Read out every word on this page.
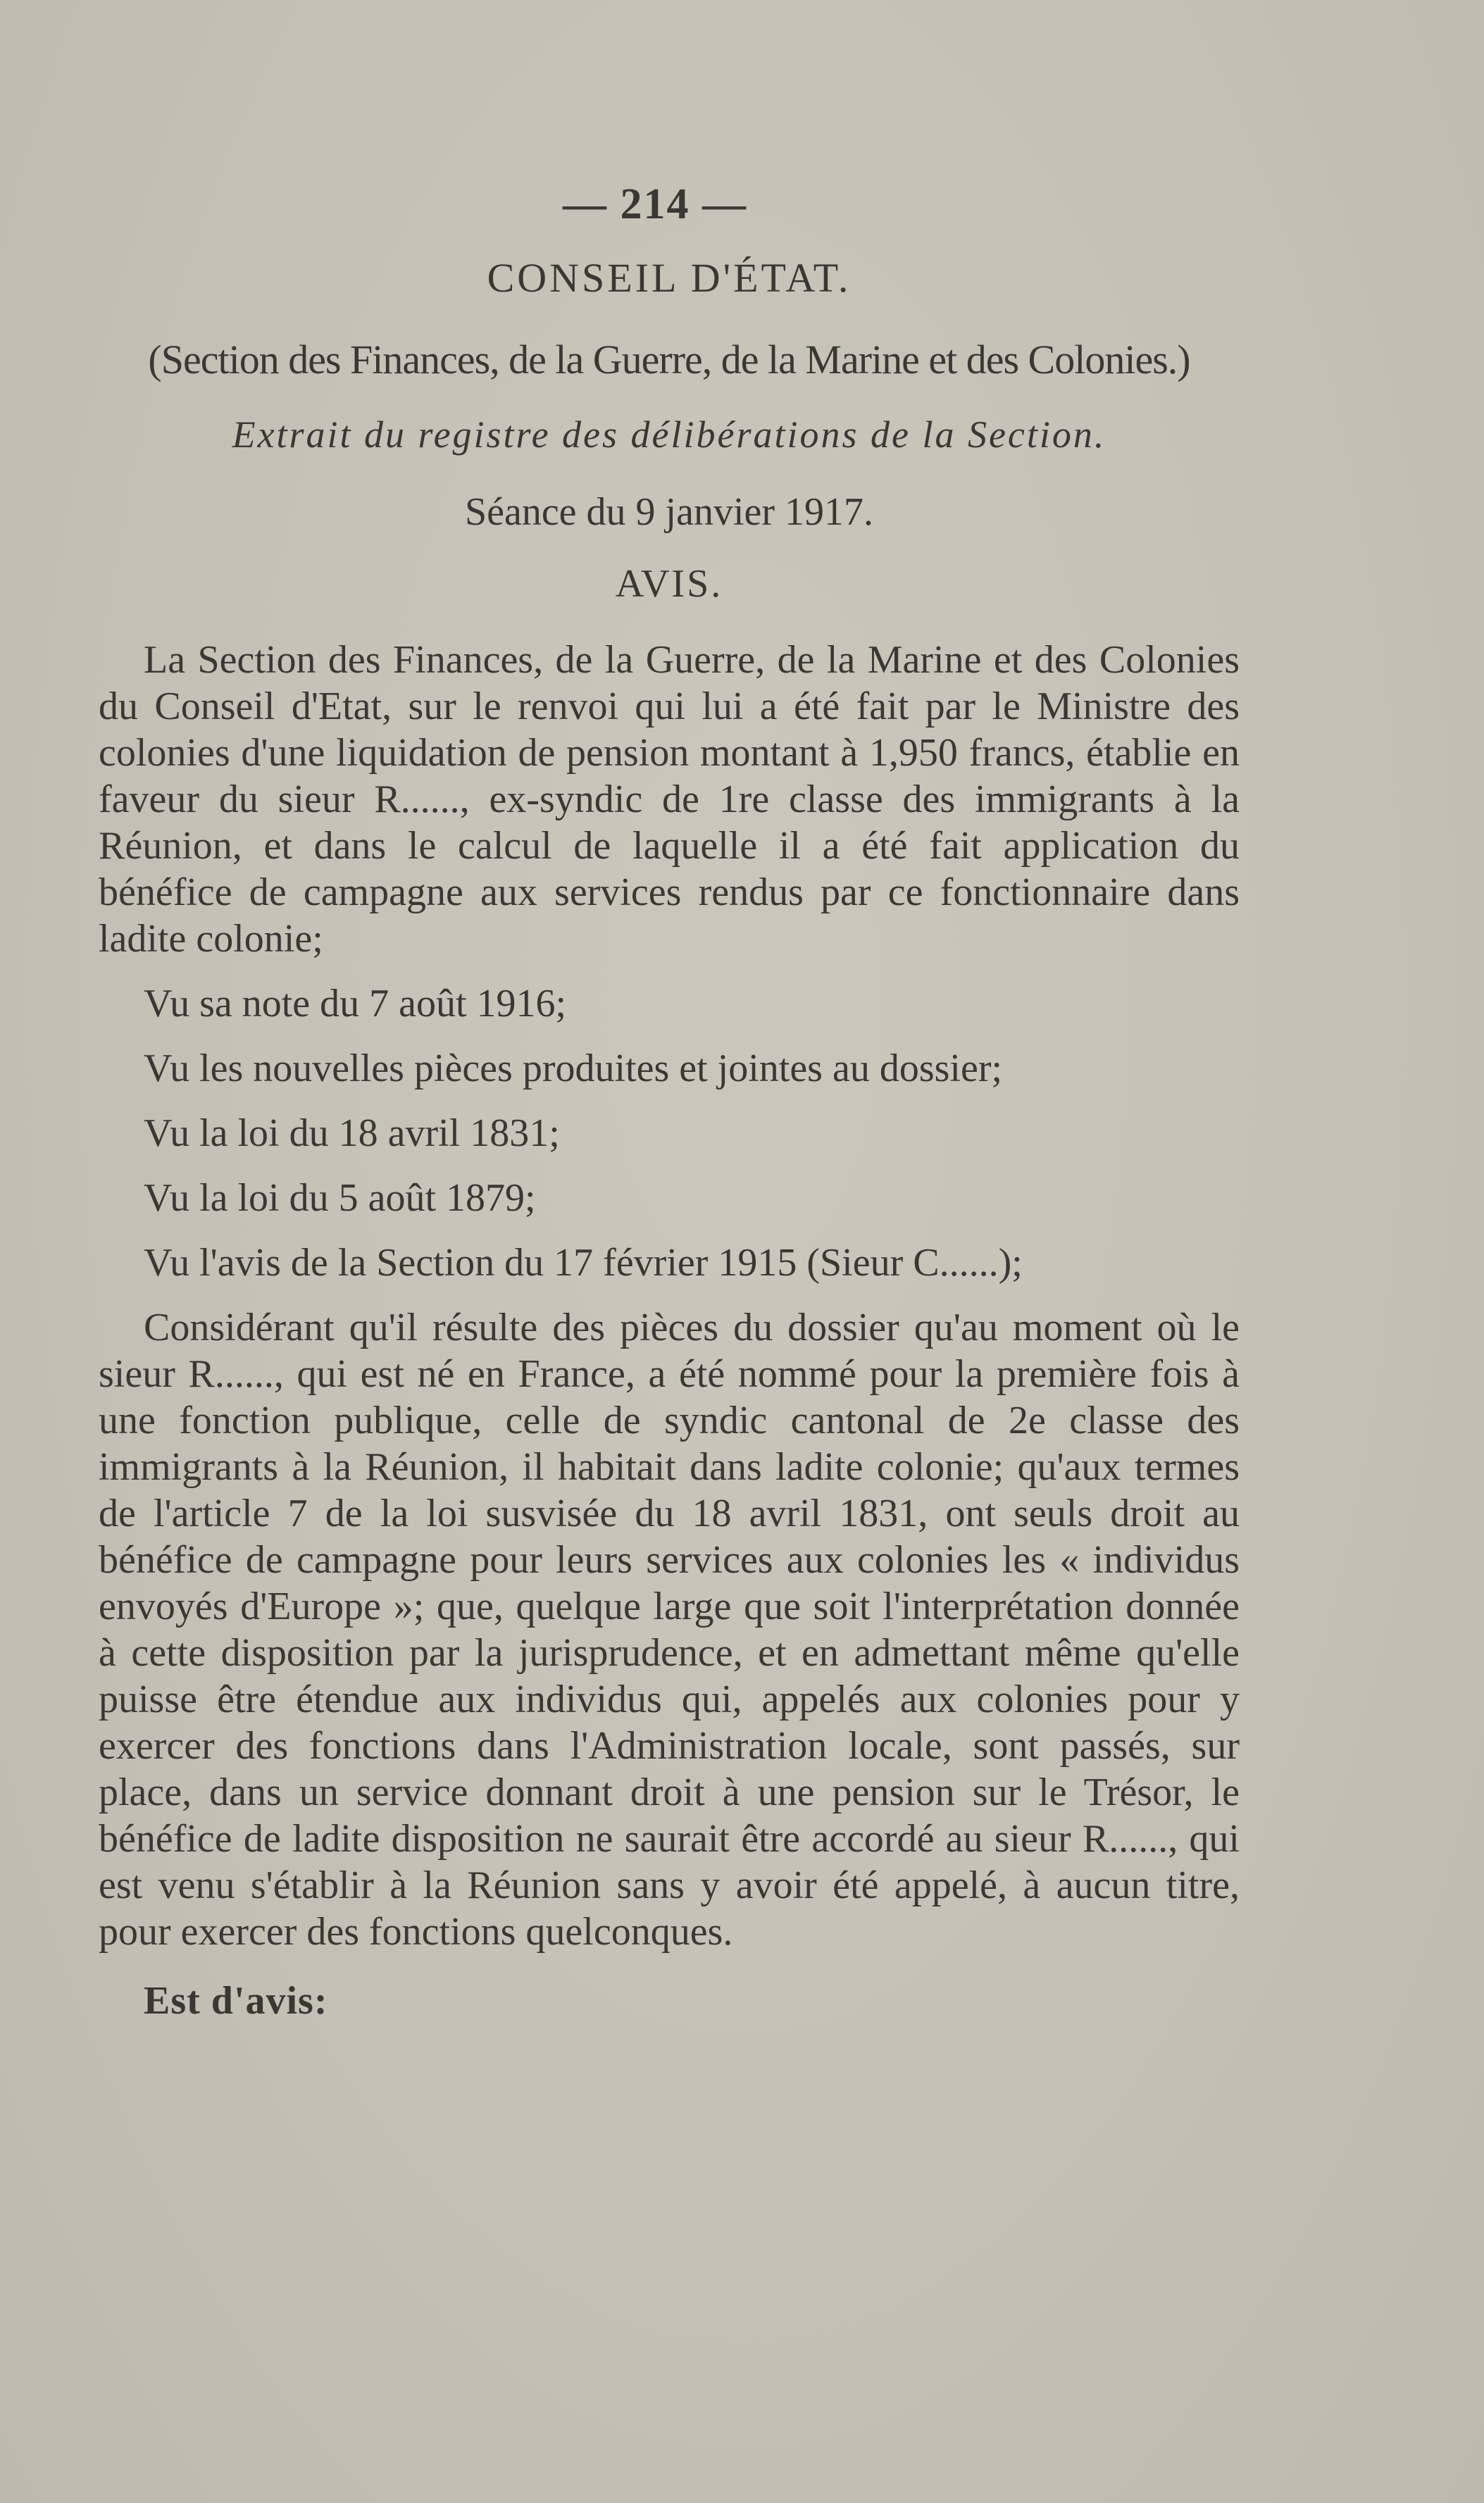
— 214 —
CONSEIL D'ÉTAT.
(Section des Finances, de la Guerre, de la Marine et des Colonies.)
Extrait du registre des délibérations de la Section.
Séance du 9 janvier 1917.
AVIS.

La Section des Finances, de la Guerre, de la Marine et des Colonies du Conseil d'Etat, sur le renvoi qui lui a été fait par le Ministre des colonies d'une liquidation de pension montant à 1,950 francs, établie en faveur du sieur R......, ex-syndic de 1re classe des immigrants à la Réunion, et dans le calcul de laquelle il a été fait application du bénéfice de campagne aux services rendus par ce fonctionnaire dans ladite colonie;

Vu sa note du 7 août 1916;

Vu les nouvelles pièces produites et jointes au dossier;

Vu la loi du 18 avril 1831;

Vu la loi du 5 août 1879;

Vu l'avis de la Section du 17 février 1915 (Sieur C......);

Considérant qu'il résulte des pièces du dossier qu'au moment où le sieur R......, qui est né en France, a été nommé pour la première fois à une fonction publique, celle de syndic cantonal de 2e classe des immigrants à la Réunion, il habitait dans ladite colonie; qu'aux termes de l'article 7 de la loi susvisée du 18 avril 1831, ont seuls droit au bénéfice de campagne pour leurs services aux colonies les « individus envoyés d'Europe »; que, quelque large que soit l'interprétation donnée à cette disposition par la jurisprudence, et en admettant même qu'elle puisse être étendue aux individus qui, appelés aux colonies pour y exercer des fonctions dans l'Administration locale, sont passés, sur place, dans un service donnant droit à une pension sur le Trésor, le bénéfice de ladite disposition ne saurait être accordé au sieur R......, qui est venu s'établir à la Réunion sans y avoir été appelé, à aucun titre, pour exercer des fonctions quelconques.

Est d'avis:
